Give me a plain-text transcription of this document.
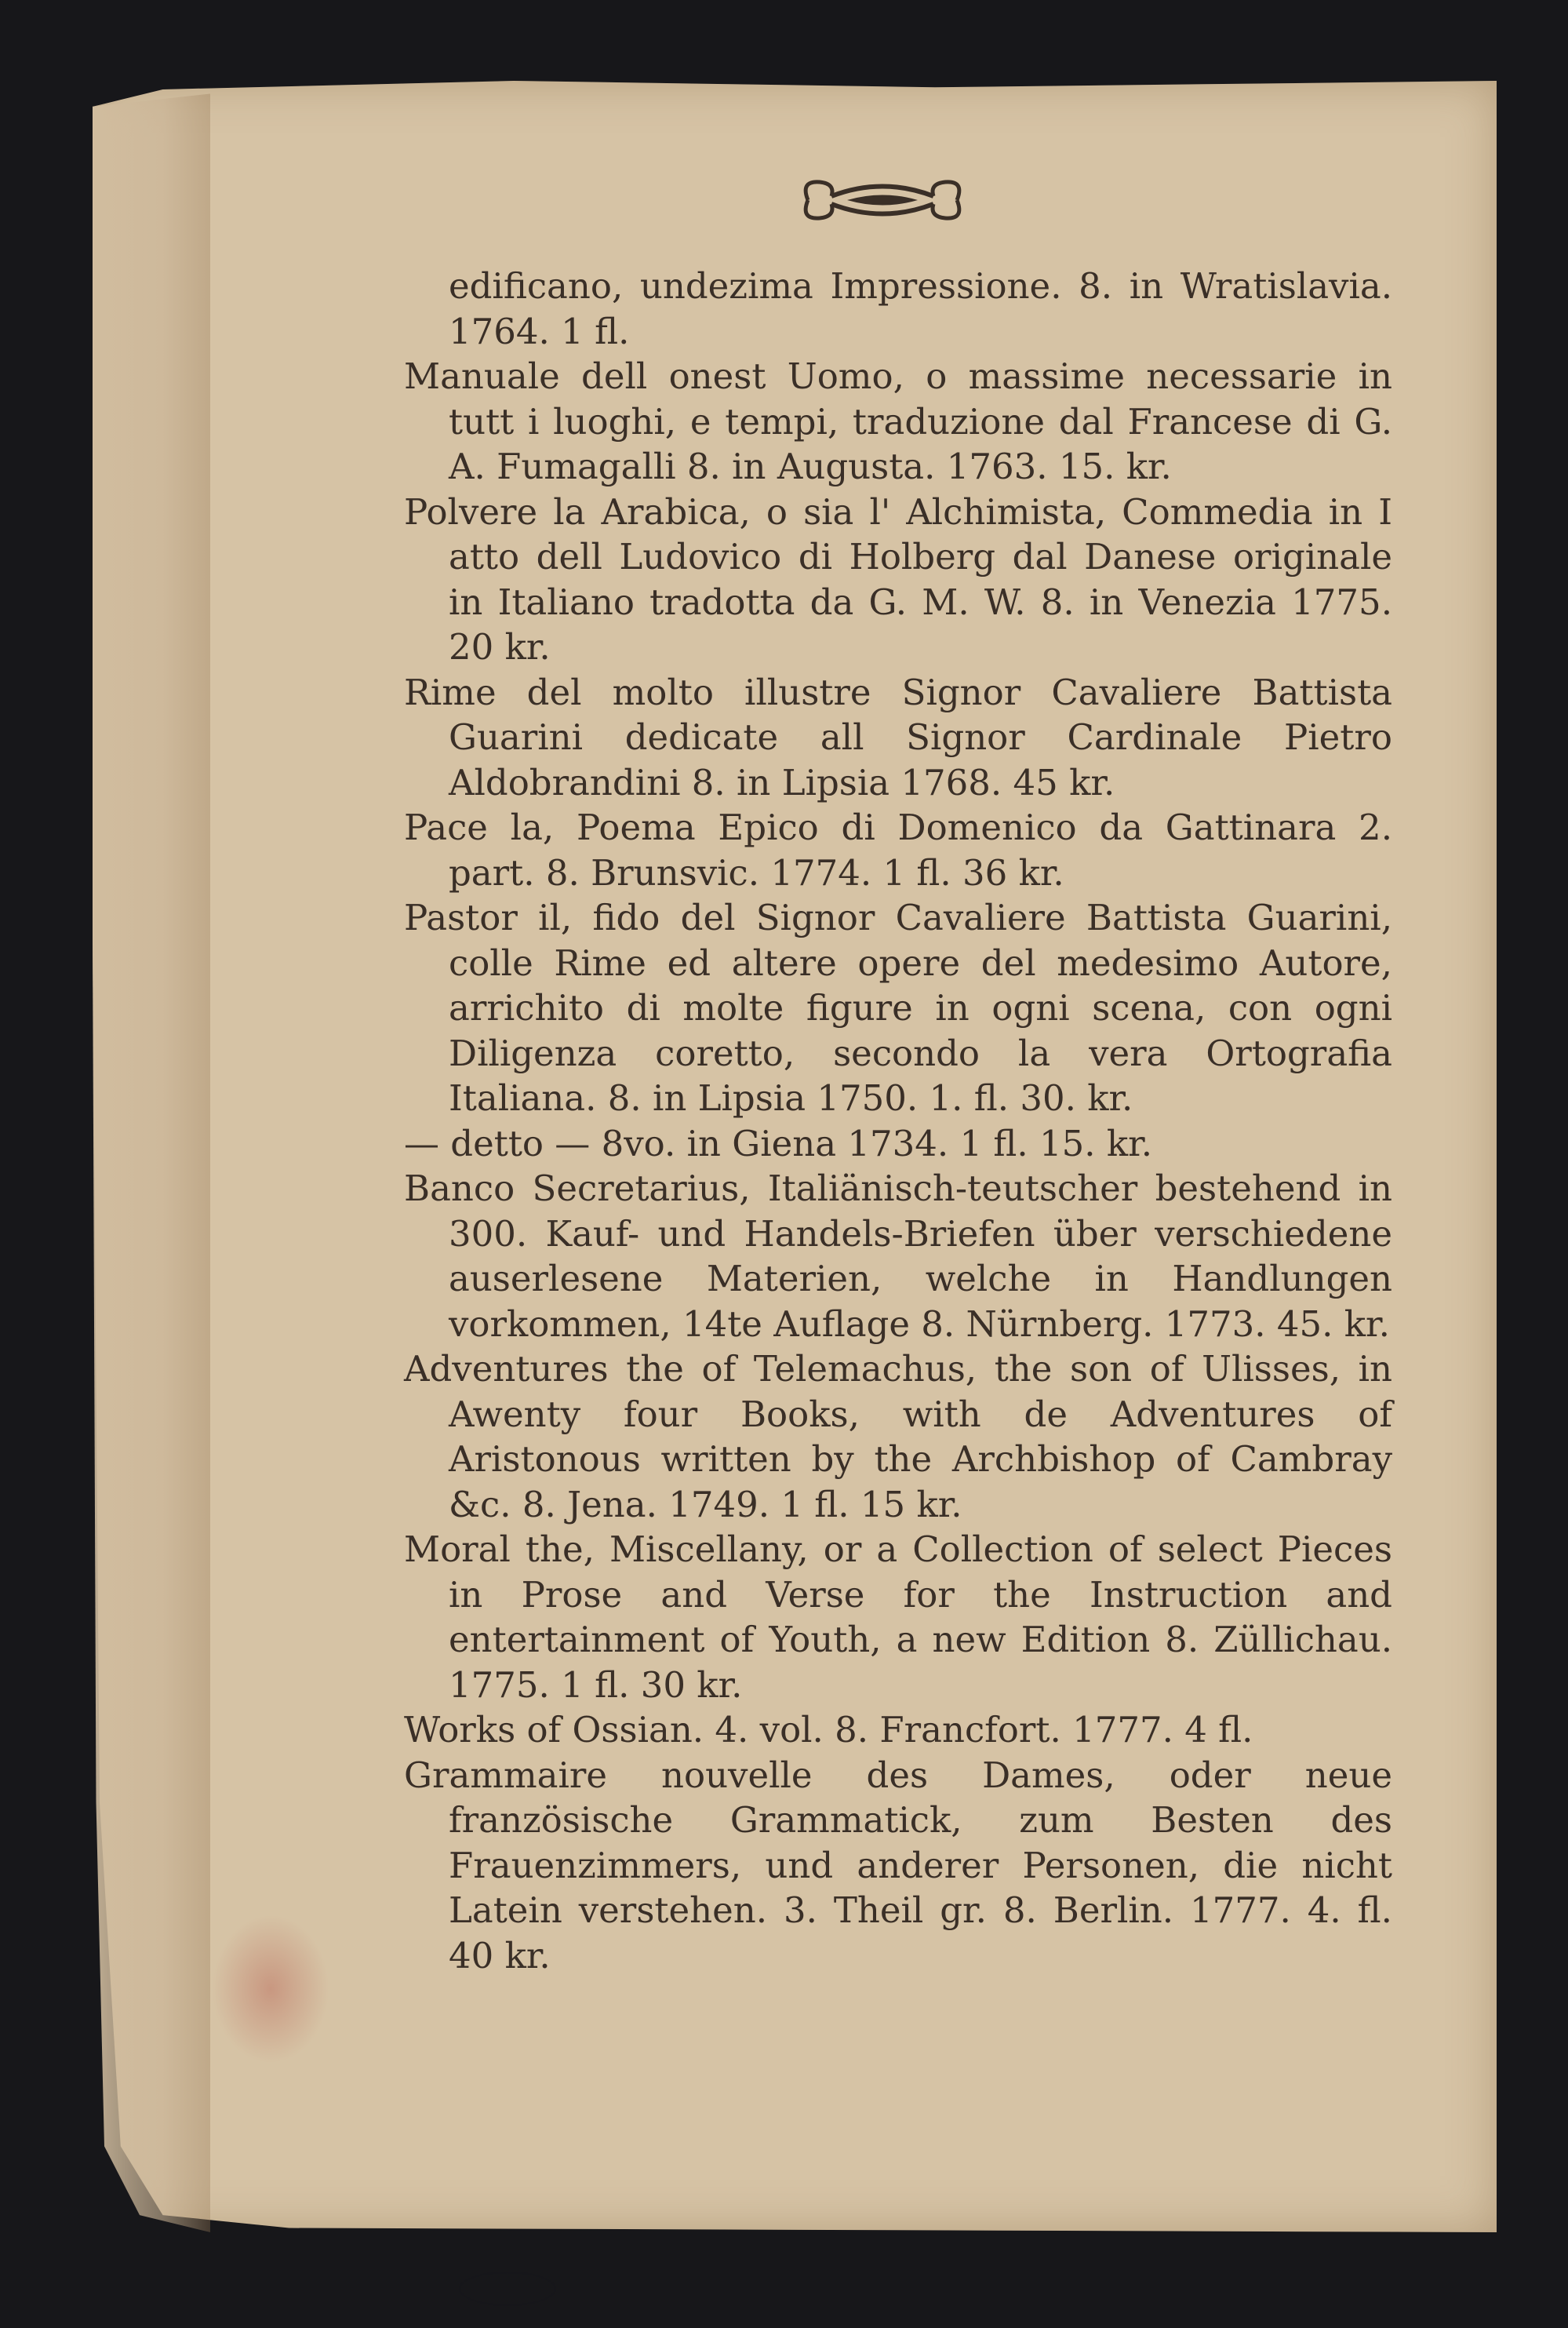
edificano, undezima Impressione. 8. in Wratislavia. 1764. 1 fl.
Manuale dell onest Uomo, o massime necessarie in tutt i luoghi, e tempi, traduzione dal Francese di G. A. Fumagalli 8. in Augusta. 1763. 15. kr.
Polvere la Arabica, o sia l' Alchimista, Commedia in I atto dell Ludovico di Holberg dal Danese originale in Italiano tradotta da G. M. W. 8. in Venezia 1775. 20 kr.
Rime del molto illustre Signor Cavaliere Battista Guarini dedicate all Signor Cardinale Pietro Aldobrandini 8. in Lipsia 1768. 45 kr.
Pace la, Poema Epico di Domenico da Gattinara 2. part. 8. Brunsvic. 1774. 1 fl. 36 kr.
Pastor il, fido del Signor Cavaliere Battista Guarini, colle Rime ed altere opere del medesimo Autore, arrichito di molte figure in ogni scena, con ogni Diligenza coretto, secondo la vera Ortografia Italiana. 8. in Lipsia 1750. 1. fl. 30. kr.
— detto — 8vo. in Giena 1734. 1 fl. 15. kr.
Banco Secretarius, Italiänisch-teutscher bestehend in 300. Kauf- und Handels-Briefen über verschiedene auserlesene Materien, welche in Handlungen vorkommen, 14te Auflage 8. Nürnberg. 1773. 45. kr.
Adventures the of Telemachus, the son of Ulisses, in Awenty four Books, with de Adventures of Aristonous written by the Archbishop of Cambray &c. 8. Jena. 1749. 1 fl. 15 kr.
Moral the, Miscellany, or a Collection of select Pieces in Prose and Verse for the Instruction and entertainment of Youth, a new Edition 8. Züllichau. 1775. 1 fl. 30 kr.
Works of Ossian. 4. vol. 8. Francfort. 1777. 4 fl.
Grammaire nouvelle des Dames, oder neue französische Grammatick, zum Besten des Frauenzimmers, und anderer Personen, die nicht Latein verstehen. 3. Theil gr. 8. Berlin. 1777. 4. fl. 40 kr.
